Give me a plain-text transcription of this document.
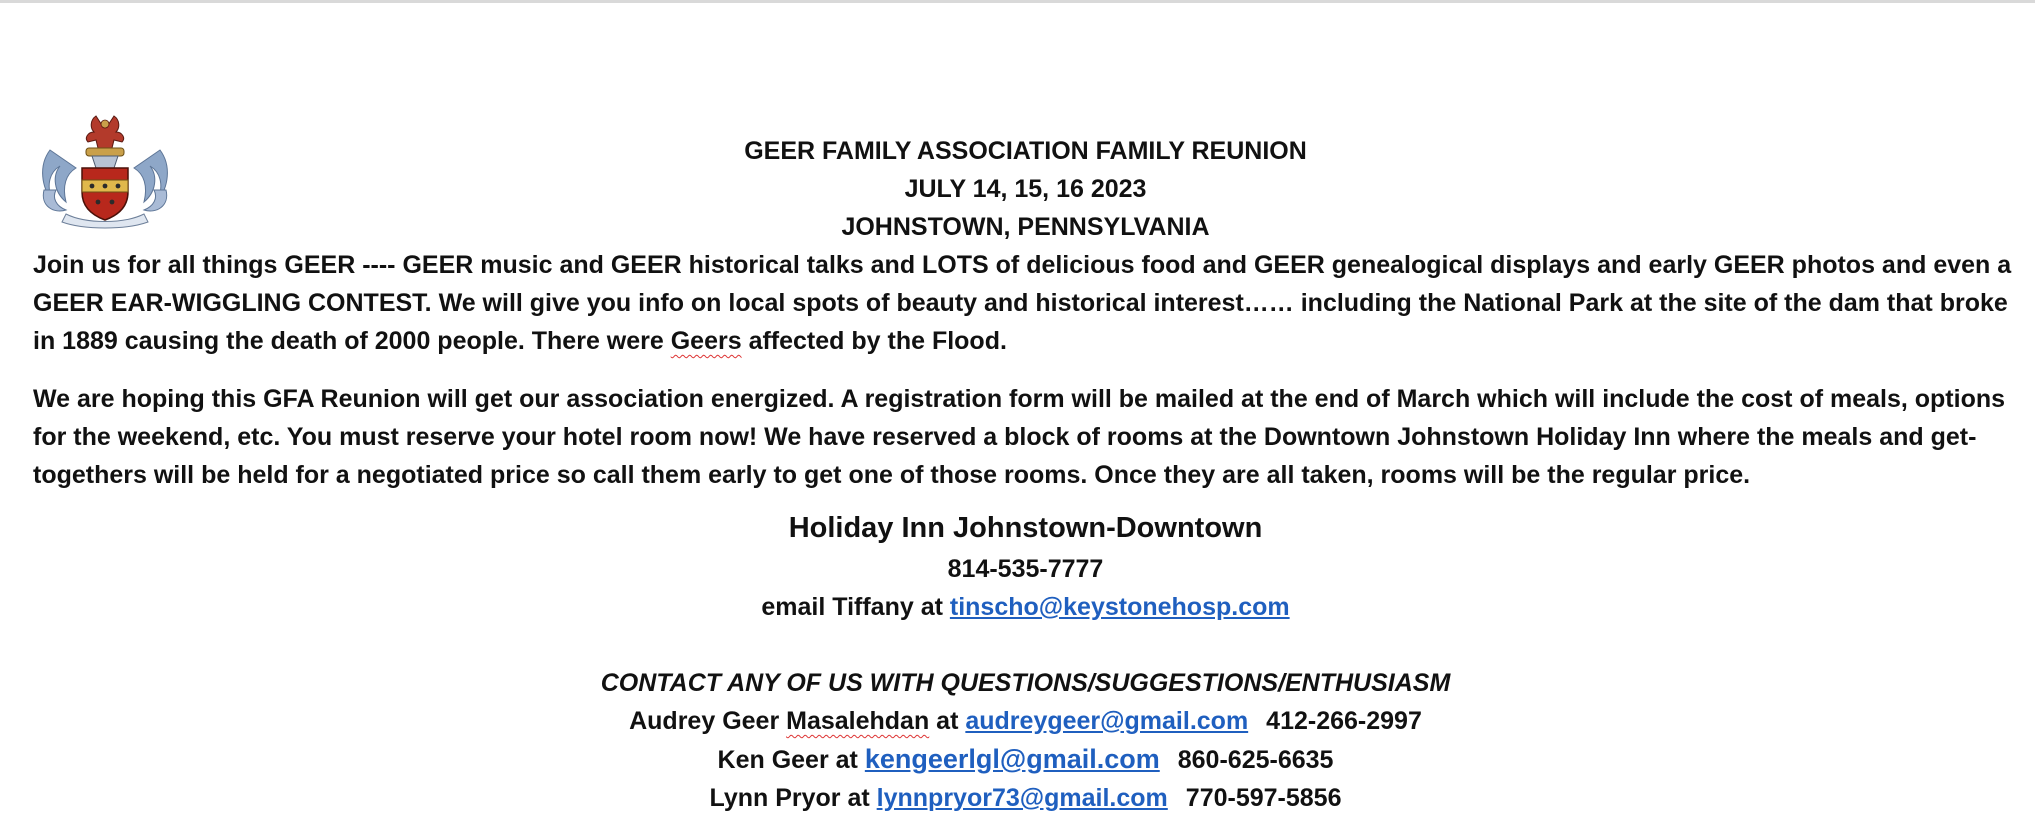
GEER FAMILY ASSOCIATION FAMILY REUNION
JULY 14, 15, 16 2023
JOHNSTOWN, PENNSYLVANIA

Join us for all things GEER ---- GEER music and GEER historical talks and LOTS of delicious food and GEER genealogical displays and early GEER photos and even a GEER EAR-WIGGLING CONTEST. We will give you info on local spots of beauty and historical interest…… including the National Park at the site of the dam that broke in 1889 causing the death of 2000 people. There were Geers affected by the Flood.

We are hoping this GFA Reunion will get our association energized. A registration form will be mailed at the end of March which will include the cost of meals, options for the weekend, etc. You must reserve your hotel room now! We have reserved a block of rooms at the Downtown Johnstown Holiday Inn where the meals and get-togethers will be held for a negotiated price so call them early to get one of those rooms. Once they are all taken, rooms will be the regular price.

Holiday Inn Johnstown-Downtown
814-535-7777
email Tiffany at tinscho@keystonehosp.com
CONTACT ANY OF US WITH QUESTIONS/SUGGESTIONS/ENTHUSIASM
Audrey Geer Masalehdan at audreygeer@gmail.com 412-266-2997
Ken Geer at kengeerlgl@gmail.com 860-625-6635
Lynn Pryor at lynnpryor73@gmail.com 770-597-5856
